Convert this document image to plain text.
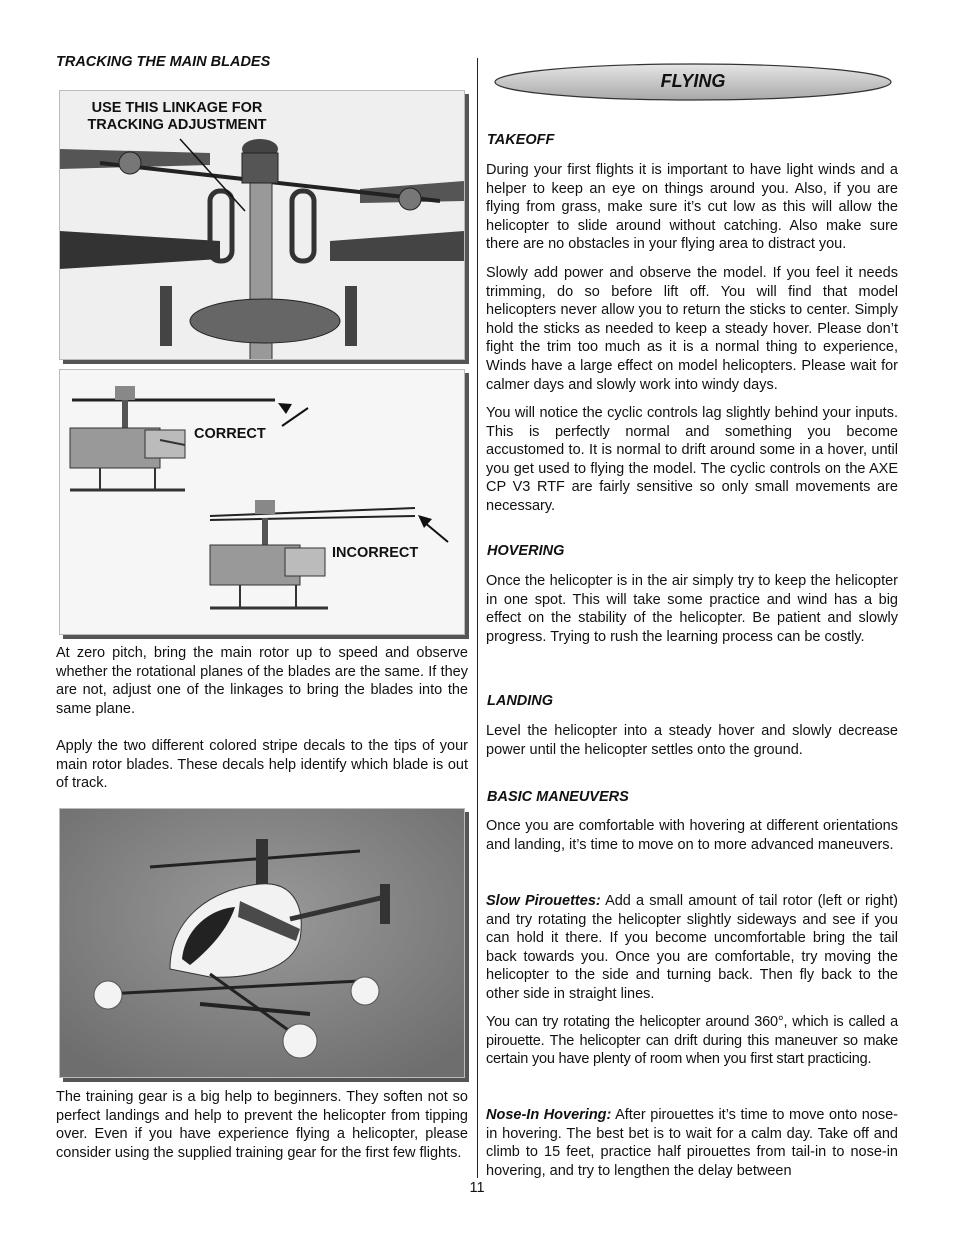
TRACKING THE MAIN BLADES
USE THIS LINKAGE FOR
TRACKING ADJUSTMENT
CORRECT
INCORRECT

At zero pitch, bring the main rotor up to speed and observe whether the rotational planes of the blades are the same. If they are not, adjust one of the linkages to bring the blades into the same plane.

Apply the two different colored stripe decals to the tips of your main rotor blades. These decals help identify which blade is out of track.

The training gear is a big help to beginners. They soften not so perfect landings and help to prevent the helicopter from tipping over. Even if you have experience flying a helicopter, please consider using the supplied training gear for the first few flights.

FLYING
TAKEOFF

During your first flights it is important to have light winds and a helper to keep an eye on things around you. Also, if you are flying from grass, make sure it’s cut low as this will allow the helicopter to slide around without catching. Also make sure there are no obstacles in your flying area to distract you.

Slowly add power and observe the model. If you feel it needs trimming, do so before lift off. You will find that model helicopters never allow you to return the sticks to center. Simply hold the sticks as needed to keep a steady hover. Please don’t fight the trim too much as it is a normal thing to experience, Winds have a large effect on model helicopters. Please wait for calmer days and slowly work into windy days.

You will notice the cyclic controls lag slightly behind your inputs. This is perfectly normal and something you become accustomed to. It is normal to drift around some in a hover, until you get used to flying the model. The cyclic controls on the AXE CP V3 RTF are fairly sensitive so only small movements are necessary.

HOVERING

Once the helicopter is in the air simply try to keep the helicopter in one spot. This will take some practice and wind has a big effect on the stability of the helicopter. Be patient and slowly progress. Trying to rush the learning process can be costly.

LANDING

Level the helicopter into a steady hover and slowly decrease power until the helicopter settles onto the ground.

BASIC MANEUVERS

Once you are comfortable with hovering at different orientations and landing, it’s time to move on to more advanced maneuvers.

Slow Pirouettes: Add a small amount of tail rotor (left or right) and try rotating the helicopter slightly sideways and see if you can hold it there. If you become uncomfortable bring the tail back towards you. Once you are comfortable, try moving the helicopter to the side and turning back. Then fly back to the other side in straight lines.

You can try rotating the helicopter around 360°, which is called a pirouette. The helicopter can drift during this maneuver so make certain you have plenty of room when you first start practicing.

Nose-In Hovering: After pirouettes it’s time to move onto nose-in hovering. The best bet is to wait for a calm day. Take off and climb to 15 feet, practice half pirouettes from tail-in to nose-in hovering, and try to lengthen the delay between

11
